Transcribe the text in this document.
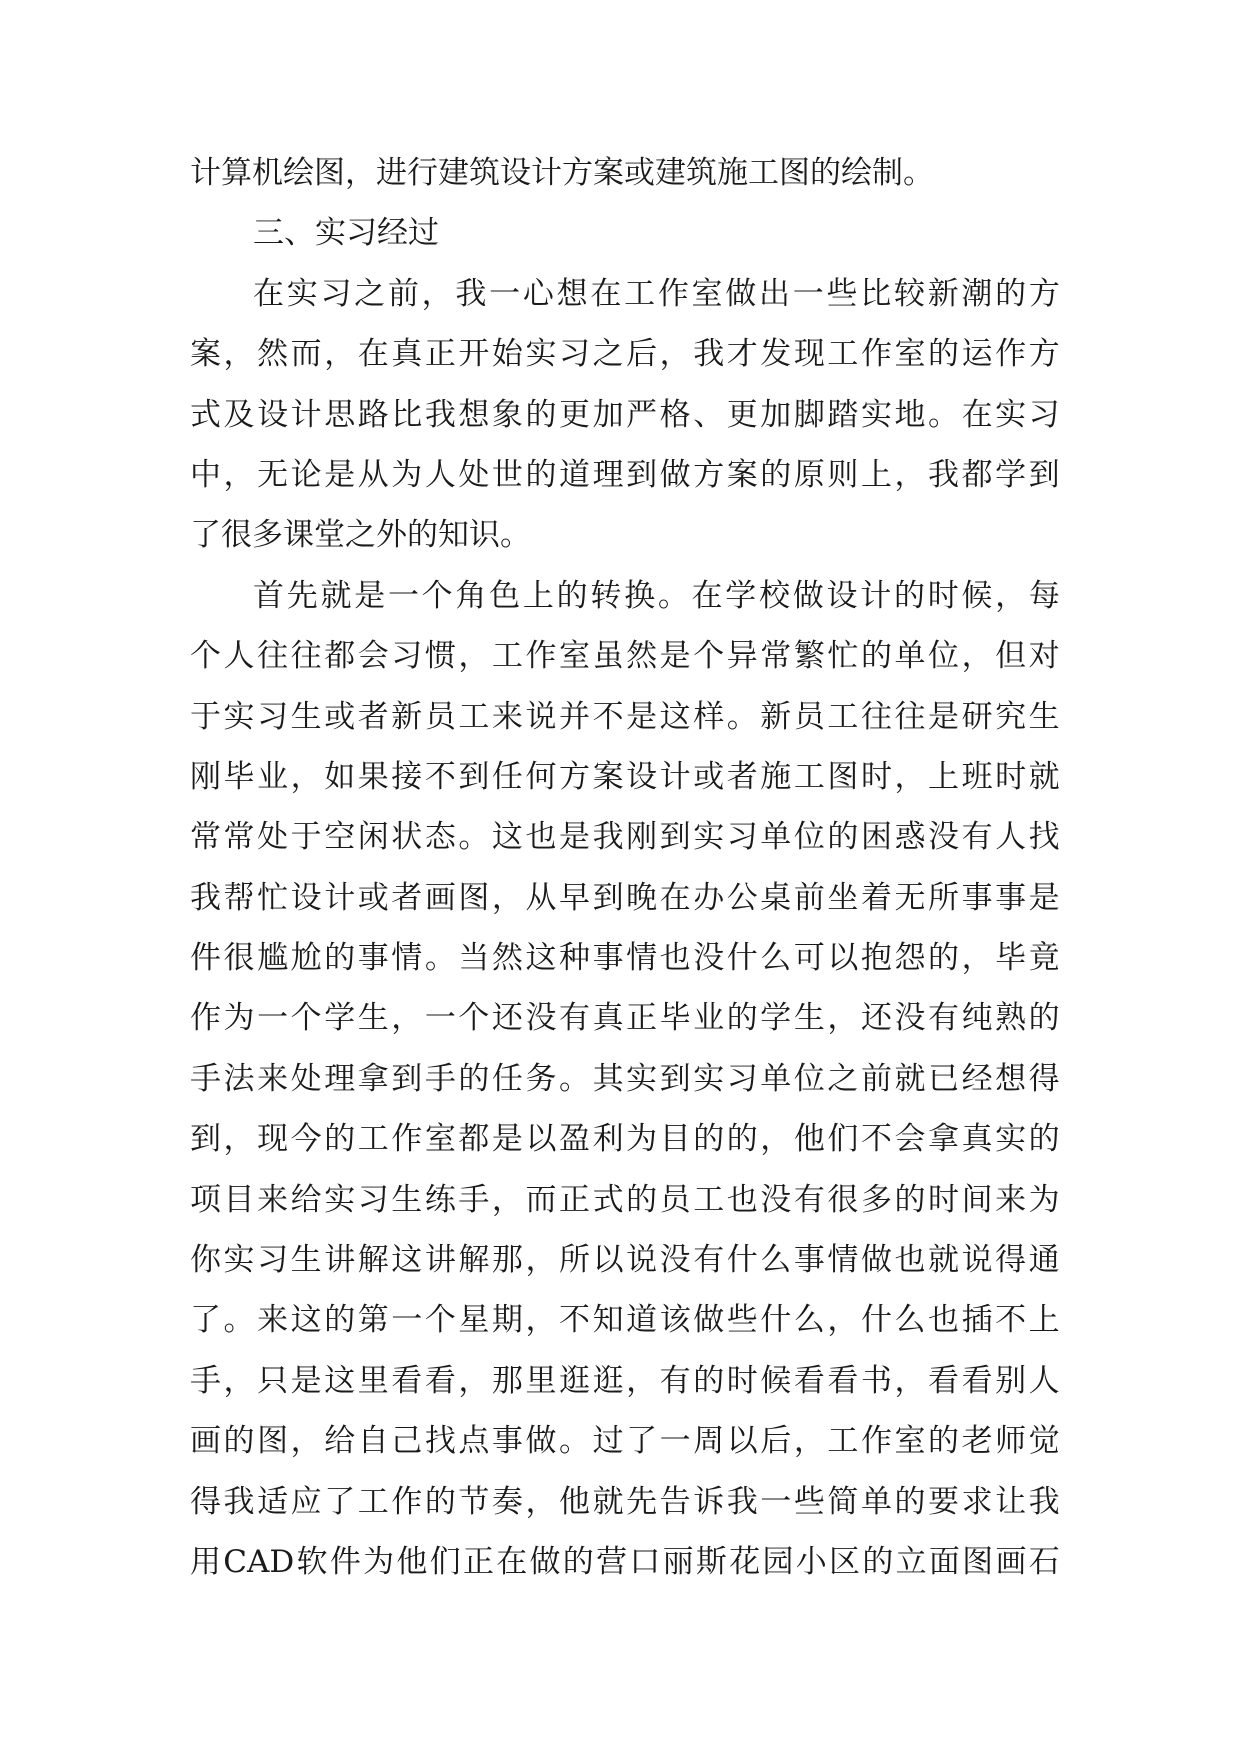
计算机绘图，进行建筑设计方案或建筑施工图的绘制。
三、实习经过
在 实 习 之 前 ， 我 一 心 想 在 工 作 室 做 出 一 些 比 较 新 潮 的 方
案 ， 然 而 ， 在 真 正 开 始 实 习 之 后 ， 我 才 发 现 工 作 室 的 运 作 方
式 及 设 计 思 路 比 我 想 象 的 更 加 严 格 、 更 加 脚 踏 实 地 。 在 实 习
中 ， 无 论 是 从 为 人 处 世 的 道 理 到 做 方 案 的 原 则 上 ， 我 都 学 到
了很多课堂之外的知识。
首 先 就 是 一 个 角 色 上 的 转 换 。 在 学 校 做 设 计 的 时 候 ， 每
个 人 往 往 都 会 习 惯 ， 工 作 室 虽 然 是 个 异 常 繁 忙 的 单 位 ， 但 对
于 实 习 生 或 者 新 员 工 来 说 并 不 是 这 样 。 新 员 工 往 往 是 研 究 生
刚 毕 业 ， 如 果 接 不 到 任 何 方 案 设 计 或 者 施 工 图 时 ， 上 班 时 就
常 常 处 于 空 闲 状 态 。 这 也 是 我 刚 到 实 习 单 位 的 困 惑 没 有 人 找
我 帮 忙 设 计 或 者 画 图 ， 从 早 到 晚 在 办 公 桌 前 坐 着 无 所 事 事 是
件 很 尴 尬 的 事 情 。 当 然 这 种 事 情 也 没 什 么 可 以 抱 怨 的 ， 毕 竟
作 为 一 个 学 生 ， 一 个 还 没 有 真 正 毕 业 的 学 生 ， 还 没 有 纯 熟 的
手 法 来 处 理 拿 到 手 的 任 务 。 其 实 到 实 习 单 位 之 前 就 已 经 想 得
到 ， 现 今 的 工 作 室 都 是 以 盈 利 为 目 的 的 ， 他 们 不 会 拿 真 实 的
项 目 来 给 实 习 生 练 手 ， 而 正 式 的 员 工 也 没 有 很 多 的 时 间 来 为
你 实 习 生 讲 解 这 讲 解 那 ， 所 以 说 没 有 什 么 事 情 做 也 就 说 得 通
了 。 来 这 的 第 一 个 星 期 ， 不 知 道 该 做 些 什 么 ， 什 么 也 插 不 上
手 ， 只 是 这 里 看 看 ， 那 里 逛 逛 ， 有 的 时 候 看 看 书 ， 看 看 别 人
画 的 图 ， 给 自 己 找 点 事 做 。 过 了 一 周 以 后 ， 工 作 室 的 老 师 觉
得 我 适 应 了 工 作 的 节 奏 ， 他 就 先 告 诉 我 一 些 简 单 的 要 求 让 我
用 CAD 软 件 为 他 们 正 在 做 的 营 口 丽 斯 花 园 小 区 的 立 面 图 画 石
